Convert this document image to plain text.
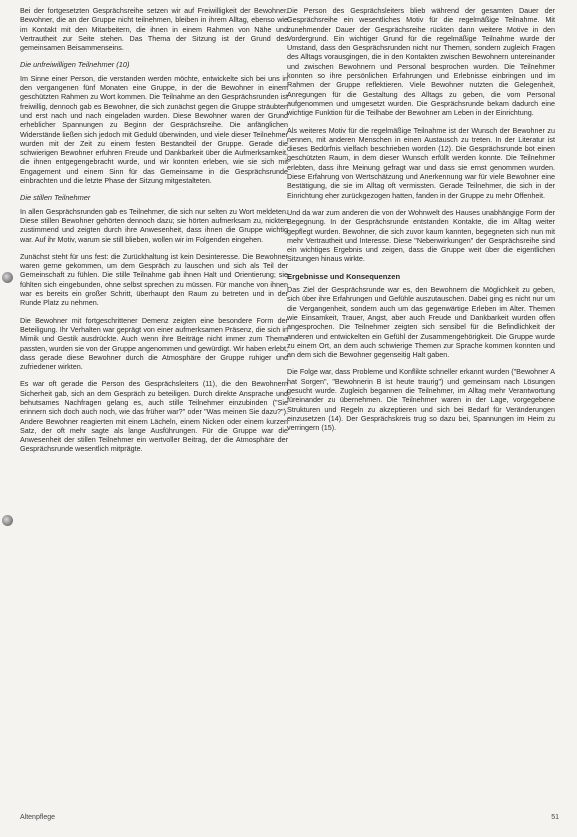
Bei der fortgesetzten Gesprächsreihe setzen wir auf Freiwilligkeit der Bewohner. Bewohner, die an der Gruppe nicht teilnehmen, bleiben in ihrem Alltag, ebenso wie im Kontakt mit den Mitarbeitern, die ihnen in einem Rahmen von Nähe und Vertrautheit zur Seite stehen. Das Thema der Sitzung ist der Grund des gemeinsamen Beisammenseins.

Die unfreiwilligen Teilnehmer (10)

Im Sinne einer Person, die verstanden werden möchte, entwickelte sich bei uns in den vergangenen fünf Monaten eine Gruppe, in der die Bewohner in einem geschützten Rahmen zu Wort kommen. Die Teilnahme an den Gesprächsrunden ist freiwillig, dennoch gab es Bewohner, die sich zunächst gegen die Gruppe sträubten und erst nach und nach eingeladen wurden. Diese Bewohner waren der Grund erheblicher Spannungen zu Beginn der Gesprächsreihe. Die anfänglichen Widerstände ließen sich jedoch mit Geduld überwinden, und viele dieser Teilnehmer wurden mit der Zeit zu einem festen Bestandteil der Gruppe. Gerade die schwierigen Bewohner erfuhren Freude und Dankbarkeit über die Aufmerksamkeit, die ihnen entgegengebracht wurde, und wir konnten erleben, wie sie sich mit Engagement und einem Sinn für das Gemeinsame in die Gesprächsrunde einbrachten und die letzte Phase der Sitzung mitgestalteten.

Die stillen Teilnehmer

In allen Gesprächsrunden gab es Teilnehmer, die sich nur selten zu Wort meldeten. Diese stillen Bewohner gehörten dennoch dazu; sie hörten aufmerksam zu, nickten zustimmend und zeigten durch ihre Anwesenheit, dass ihnen die Gruppe wichtig war. Auf ihr Motiv, warum sie still blieben, wollen wir im Folgenden eingehen.

Zunächst steht für uns fest: die Zurückhaltung ist kein Desinteresse. Die Bewohner waren gerne gekommen, um dem Gespräch zu lauschen und sich als Teil der Gemeinschaft zu fühlen. Die stille Teilnahme gab ihnen Halt und Orientierung; sie fühlten sich eingebunden, ohne selbst sprechen zu müssen. Für manche von ihnen war es bereits ein großer Schritt, überhaupt den Raum zu betreten und in der Runde Platz zu nehmen.

Die Bewohner mit fortgeschrittener Demenz zeigten eine besondere Form der Beteiligung. Ihr Verhalten war geprägt von einer aufmerksamen Präsenz, die sich in Mimik und Gestik ausdrückte. Auch wenn ihre Beiträge nicht immer zum Thema passten, wurden sie von der Gruppe angenommen und gewürdigt. Wir haben erlebt, dass gerade diese Bewohner durch die Atmosphäre der Gruppe ruhiger und zufriedener wirkten.

Es war oft gerade die Person des Gesprächsleiters (11), die den Bewohnern Sicherheit gab, sich an dem Gespräch zu beteiligen. Durch direkte Ansprache und behutsames Nachfragen gelang es, auch stille Teilnehmer einzubinden ("Sie erinnern sich doch auch noch, wie das früher war?" oder "Was meinen Sie dazu?"). Andere Bewohner reagierten mit einem Lächeln, einem Nicken oder einem kurzen Satz, der oft mehr sagte als lange Ausführungen. Für die Gruppe war die Anwesenheit der stillen Teilnehmer ein wertvoller Beitrag, der die Atmosphäre der Gesprächsrunde wesentlich mitprägte.

Die Person des Gesprächsleiters blieb während der gesamten Dauer der Gesprächsreihe ein wesentliches Motiv für die regelmäßige Teilnahme. Mit zunehmender Dauer der Gesprächsreihe rückten dann weitere Motive in den Vordergrund. Ein wichtiger Grund für die regelmäßige Teilnahme wurde der Umstand, dass den Gesprächsrunden nicht nur Themen, sondern zugleich Fragen des Alltags vorausgingen, die in den Kontakten zwischen Bewohnern untereinander und zwischen Bewohnern und Personal besprochen wurden. Die Teilnehmer konnten so ihre persönlichen Erfahrungen und Erlebnisse einbringen und im Rahmen der Gruppe reflektieren. Viele Bewohner nutzten die Gelegenheit, Anregungen für die Gestaltung des Alltags zu geben, die vom Personal aufgenommen und umgesetzt wurden. Die Gesprächsrunde bekam dadurch eine wichtige Funktion für die Teilhabe der Bewohner am Leben in der Einrichtung.

Als weiteres Motiv für die regelmäßige Teilnahme ist der Wunsch der Bewohner zu nennen, mit anderen Menschen in einen Austausch zu treten. In der Literatur ist dieses Bedürfnis vielfach beschrieben worden (12). Die Gesprächsrunde bot einen geschützten Raum, in dem dieser Wunsch erfüllt werden konnte. Die Teilnehmer erlebten, dass ihre Meinung gefragt war und dass sie ernst genommen wurden. Diese Erfahrung von Wertschätzung und Anerkennung war für viele Bewohner eine Bestätigung, die sie im Alltag oft vermissten. Gerade Teilnehmer, die sich in der Einrichtung eher zurückgezogen hatten, fanden in der Gruppe zu mehr Offenheit.

Und da war zum anderen die von der Wohnwelt des Hauses unabhängige Form der Begegnung. In der Gesprächsrunde entstanden Kontakte, die im Alltag weiter gepflegt wurden. Bewohner, die sich zuvor kaum kannten, begegneten sich nun mit mehr Vertrautheit und Interesse. Diese "Nebenwirkungen" der Gesprächsreihe sind ein wichtiges Ergebnis und zeigen, dass die Gruppe weit über die eigentlichen Sitzungen hinaus wirkte.

Ergebnisse und Konsequenzen

Das Ziel der Gesprächsrunde war es, den Bewohnern die Möglichkeit zu geben, sich über ihre Erfahrungen und Gefühle auszutauschen. Dabei ging es nicht nur um die Vergangenheit, sondern auch um das gegenwärtige Erleben im Alter. Themen wie Einsamkeit, Trauer, Angst, aber auch Freude und Dankbarkeit wurden offen angesprochen. Die Teilnehmer zeigten sich sensibel für die Befindlichkeit der anderen und entwickelten ein Gefühl der Zusammengehörigkeit. Die Gruppe wurde zu einem Ort, an dem auch schwierige Themen zur Sprache kommen konnten und an dem sich die Bewohner gegenseitig Halt gaben.

Die Folge war, dass Probleme und Konflikte schneller erkannt wurden ("Bewohner A hat Sorgen", "Bewohnerin B ist heute traurig") und gemeinsam nach Lösungen gesucht wurde. Zugleich begannen die Teilnehmer, im Alltag mehr Verantwortung füreinander zu übernehmen. Die Teilnehmer waren in der Lage, vorgegebene Strukturen und Regeln zu akzeptieren und sich bei Bedarf für Veränderungen einzusetzen (14). Der Gesprächskreis trug so dazu bei, Spannungen im Heim zu verringern (15).

Altenpflege	51
